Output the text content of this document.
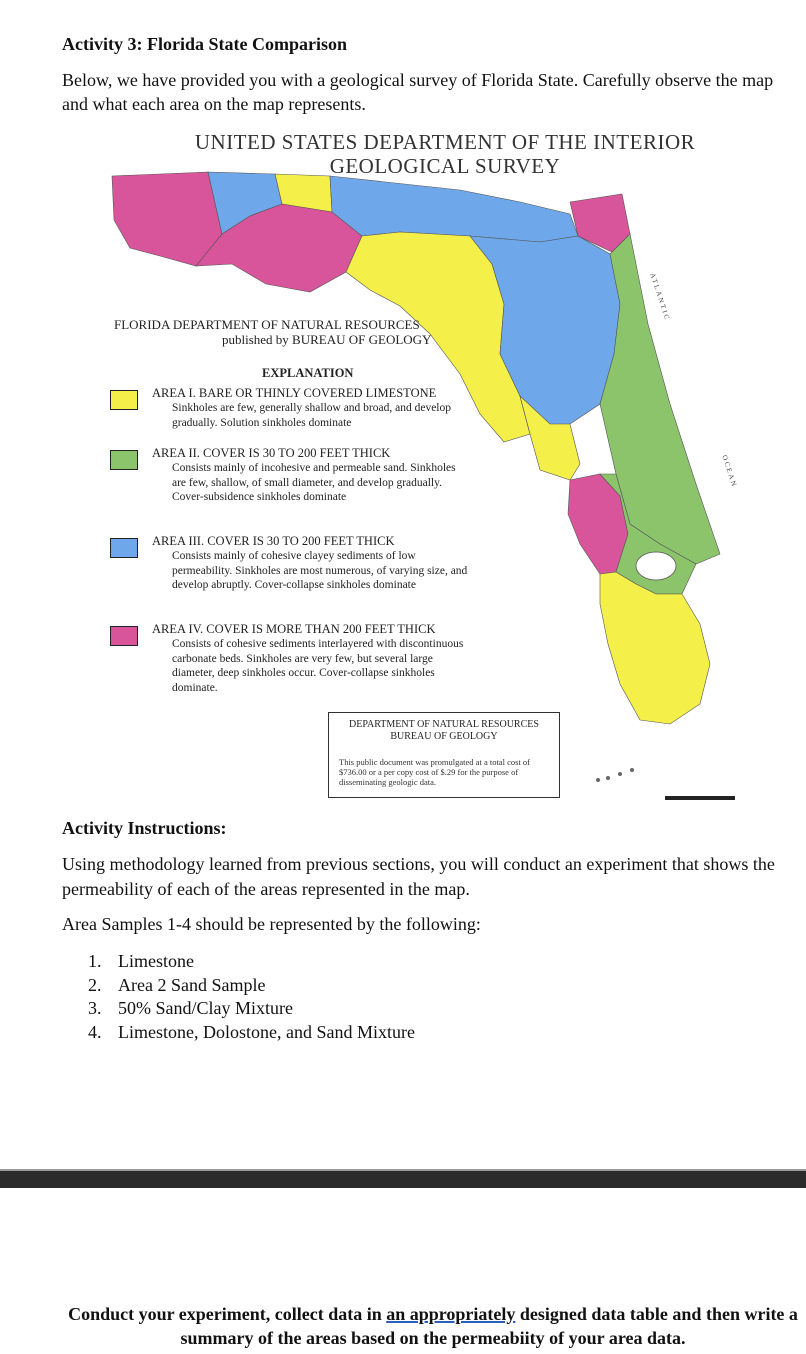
Activity 3: Florida State Comparison
Below, we have provided you with a geological survey of Florida State. Carefully observe the map and what each area on the map represents.
UNITED STATES DEPARTMENT OF THE INTERIOR
GEOLOGICAL SURVEY
ATLANTIC
OCEAN
FLORIDA DEPARTMENT OF NATURAL RESOURCES
published by BUREAU OF GEOLOGY
EXPLANATION
AREA I. BARE OR THINLY COVERED LIMESTONE
Sinkholes are few, generally shallow and broad, and develop gradually. Solution sinkholes dominate
AREA II. COVER IS 30 TO 200 FEET THICK
Consists mainly of incohesive and permeable sand. Sinkholes are few, shallow, of small diameter, and develop gradually. Cover-subsidence sinkholes dominate
AREA III. COVER IS 30 TO 200 FEET THICK
Consists mainly of cohesive clayey sediments of low permeability. Sinkholes are most numerous, of varying size, and develop abruptly. Cover-collapse sinkholes dominate
AREA IV. COVER IS MORE THAN 200 FEET THICK
Consists of cohesive sediments interlayered with discontinuous carbonate beds. Sinkholes are very few, but several large diameter, deep sinkholes occur. Cover-collapse sinkholes dominate.
DEPARTMENT OF NATURAL RESOURCES
BUREAU OF GEOLOGY
This public document was promulgated at a total cost of $736.00 or a per copy cost of $.29 for the purpose of disseminating geologic data.
Activity Instructions:
Using methodology learned from previous sections, you will conduct an experiment that shows the permeability of each of the areas represented in the map.
Area Samples 1-4 should be represented by the following:
1. Limestone
2. Area 2 Sand Sample
3. 50% Sand/Clay Mixture
4. Limestone, Dolostone, and Sand Mixture
Conduct your experiment, collect data in an appropriately designed data table and then write a summary of the areas based on the permeabiity of your area data.
